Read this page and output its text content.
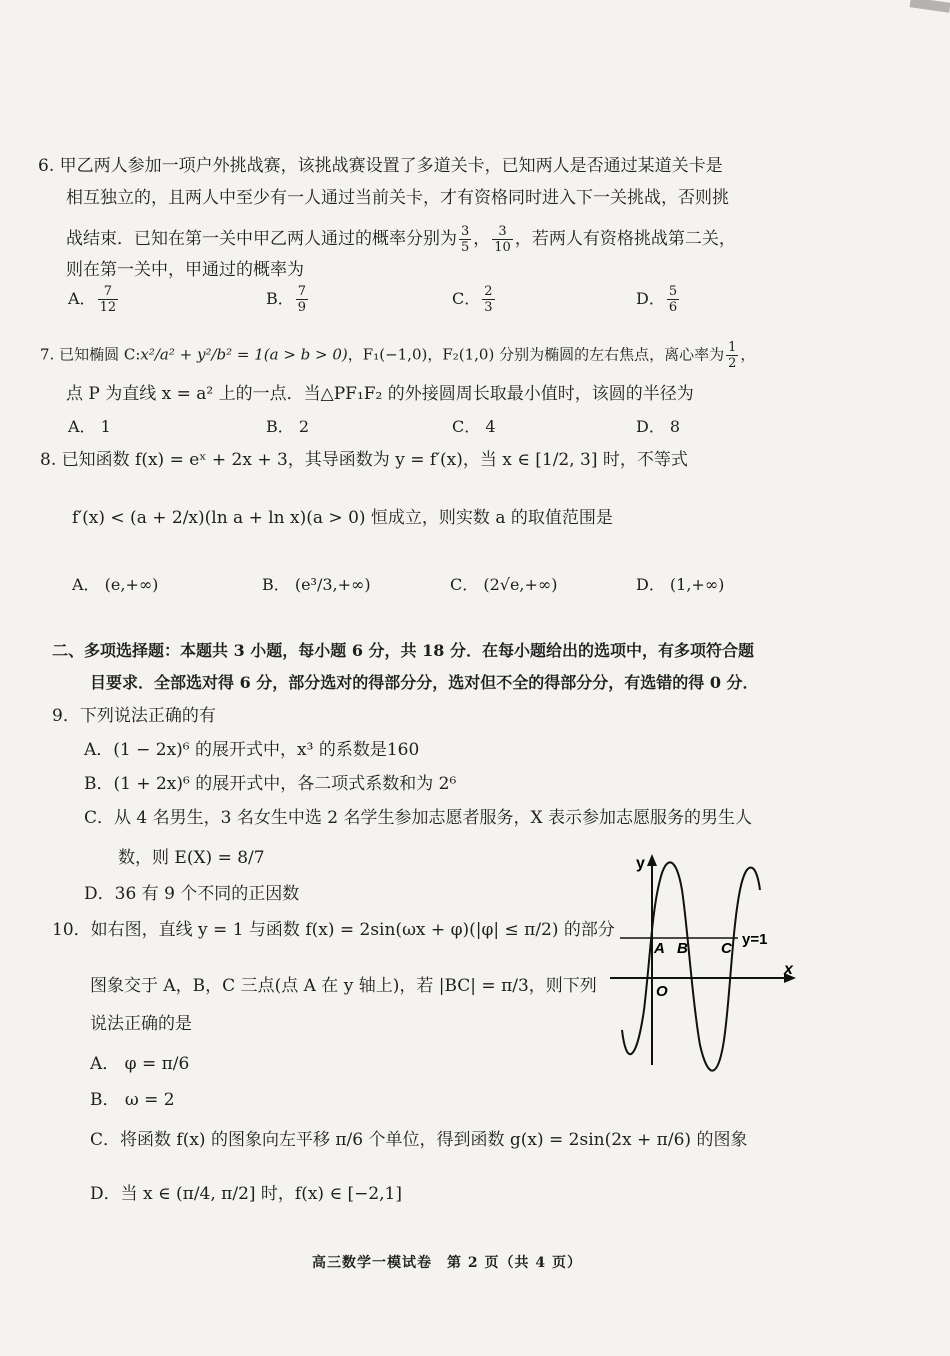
6. 甲乙两人参加一项户外挑战赛，该挑战赛设置了多道关卡，已知两人是否通过某道关卡是
相互独立的，且两人中至少有一人通过当前关卡，才有资格同时进入下一关挑战，否则挑
战结束．已知在第一关中甲乙两人通过的概率分别为 $\frac{3}{5}$ ， $\frac{3}{10}$ ，若两人有资格挑战第二关，
则在第一关中，甲通过的概率为
A． $\frac{7}{12}$	B． $\frac{7}{9}$	C． $\frac{2}{3}$	D． $\frac{5}{6}$
7. 已知椭圆 C:x²/a² + y²/b² = 1(a > b > 0)，F₁(−1,0)，F₂(1,0) 分别为椭圆的左右焦点，离心率为 $\frac{1}{2}$ ，
点 P 为直线 x = a² 上的一点．当△PF₁F₂ 的外接圆周长取最小值时，该圆的半径为
A． 1	B． 2	C． 4	D． 8
8. 已知函数 f(x) = eˣ + 2x + 3，其导函数为 y = f′(x)，当 x ∈ [1/2, 3] 时，不等式
f′(x) < (a + 2/x)(ln a + ln x)(a > 0) 恒成立，则实数 a 的取值范围是
A． (e,+∞)	B． (e³/3,+∞)	C． (2√e,+∞)	D． (1,+∞)
二、多项选择题：本题共 3 小题，每小题 6 分，共 18 分．在每小题给出的选项中，有多项符合题
目要求．全部选对得 6 分，部分选对的得部分分，选对但不全的得部分分，有选错的得 0 分．
9．下列说法正确的有
A．(1 − 2x)⁶ 的展开式中，x³ 的系数是160
B．(1 + 2x)⁶ 的展开式中，各二项式系数和为 2⁶
C．从 4 名男生，3 名女生中选 2 名学生参加志愿者服务，X 表示参加志愿服务的男生人
数，则 E(X) = 8/7
D．36 有 9 个不同的正因数
10．如右图，直线 y = 1 与函数 f(x) = 2sin(ωx + φ)(|φ| ≤ π/2) 的部分
图象交于 A，B，C 三点(点 A 在 y 轴上)，若 |BC| = π/3，则下列
说法正确的是
A． φ = π/6
B． ω = 2
C．将函数 f(x) 的图象向左平移 π/6 个单位，得到函数 g(x) = 2sin(2x + π/6) 的图象
D．当 x ∈ (π/4, π/2] 时，f(x) ∈ [−2,1]
y
x
O
A B C
y=1
高三数学一模试卷　第 2 页（共 4 页）
